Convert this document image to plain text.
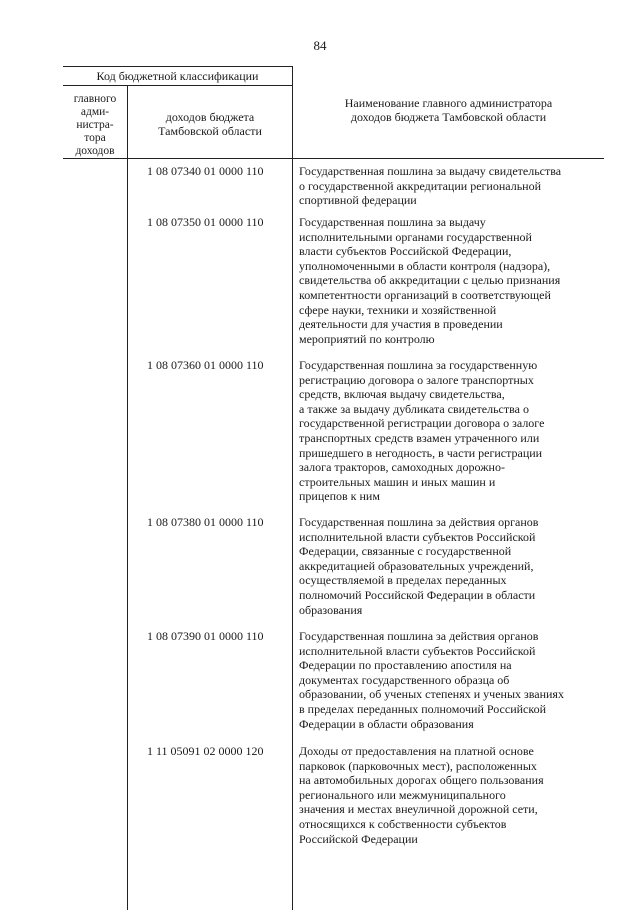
84
Код бюджетной классификации
главного
адми-
нистра-
тора
доходов
доходов бюджета
Тамбовской области
Наименование главного администратора
доходов бюджета Тамбовской области
1 08 07340 01 0000 110	Государственная пошлина за выдачу свидетельства
о государственной аккредитации региональной
спортивной федерации
1 08 07350 01 0000 110	Государственная пошлина за выдачу
исполнительными органами государственной
власти субъектов Российской Федерации,
уполномоченными в области контроля (надзора),
свидетельства об аккредитации с целью признания
компетентности организаций в соответствующей
сфере науки, техники и хозяйственной
деятельности для участия в проведении
мероприятий по контролю
1 08 07360 01 0000 110	Государственная пошлина за государственную
регистрацию договора о залоге транспортных
средств, включая выдачу свидетельства,
а также за выдачу дубликата свидетельства о
государственной регистрации договора о залоге
транспортных средств взамен утраченного или
пришедшего в негодность, в части регистрации
залога тракторов, самоходных дорожно-
строительных машин и иных машин и
прицепов к ним
1 08 07380 01 0000 110	Государственная пошлина за действия органов
исполнительной власти субъектов Российской
Федерации, связанные с государственной
аккредитацией образовательных учреждений,
осуществляемой в пределах переданных
полномочий Российской Федерации в области
образования
1 08 07390 01 0000 110	Государственная пошлина за действия органов
исполнительной власти субъектов Российской
Федерации по проставлению апостиля на
документах государственного образца об
образовании, об ученых степенях и ученых званиях
в пределах переданных полномочий Российской
Федерации в области образования
1 11 05091 02 0000 120	Доходы от предоставления на платной основе
парковок (парковочных мест), расположенных
на автомобильных дорогах общего пользования
регионального или межмуниципального
значения и местах внеуличной дорожной сети,
относящихся к собственности субъектов
Российской Федерации
